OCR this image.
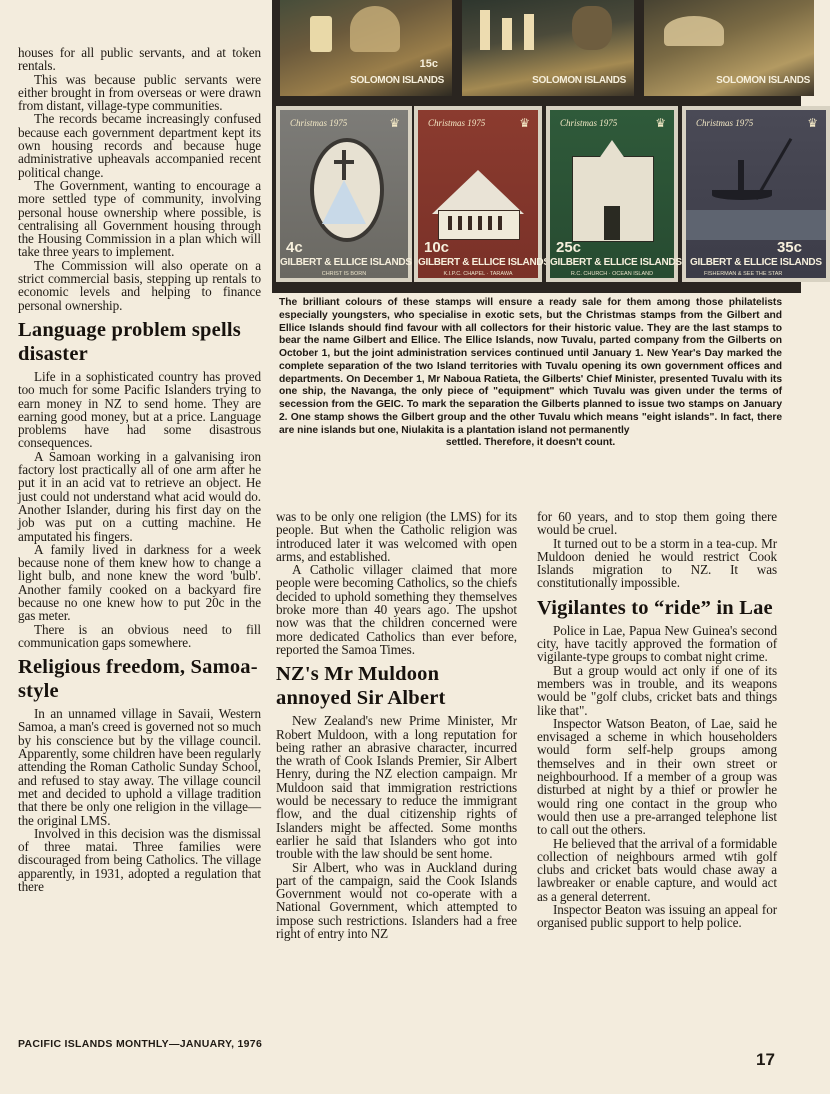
15c
SOLOMON ISLANDS	SOLOMON ISLANDS	SOLOMON ISLANDS
Christmas 1975	♛
4c
GILBERT & ELLICE ISLANDS
CHRIST IS BORN
Christmas 1975	♛
10c
GILBERT & ELLICE ISLANDS
K.I.P.C. CHAPEL · TARAWA
Christmas 1975	♛
25c
GILBERT & ELLICE ISLANDS
R.C. CHURCH · OCEAN ISLAND
Christmas 1975	♛
35c
GILBERT & ELLICE ISLANDS
FISHERMAN & SEE THE STAR
The brilliant colours of these stamps will ensure a ready sale for them among those philatelists especially youngsters, who specialise in exotic sets, but the Christmas stamps from the Gilbert and Ellice Islands should find favour with all collectors for their historic value. They are the last stamps to bear the name Gilbert and Ellice. The Ellice Islands, now Tuvalu, parted company from the Gilberts on October 1, but the joint administration services continued until January 1. New Year's Day marked the complete separation of the two Island territories with Tuvalu opening its own government offices and departments. On December 1, Mr Naboua Ratieta, the Gilberts' Chief Minister, presented Tuvalu with its one ship, the Navanga, the only piece of "equipment" which Tuvalu was given under the terms of secession from the GEIC. To mark the separation the Gilberts planned to issue two stamps on January 2. One stamp shows the Gilbert group and the other Tuvalu which means "eight islands". In fact, there are nine islands but one, Niulakita is a plantation island not permanently
settled. Therefore, it doesn't count.

houses for all public servants, and at token rentals.

This was because public servants were either brought in from overseas or were drawn from distant, village-type communities.

The records became increasingly confused because each government department kept its own housing records and because huge administrative upheavals accompanied recent political change.

The Government, wanting to encourage a more settled type of community, involving personal house ownership where possible, is centralising all Government housing through the Housing Commission in a plan which will take three years to implement.

The Commission will also operate on a strict commercial basis, stepping up rentals to economic levels and helping to finance personal ownership.

Language problem spells disaster

Life in a sophisticated country has proved too much for some Pacific Islanders trying to earn money in NZ to send home. They are earning good money, but at a price. Language problems have had some disastrous consequences.

A Samoan working in a galvanising iron factory lost practically all of one arm after he put it in an acid vat to retrieve an object. He just could not understand what acid would do. Another Islander, during his first day on the job was put on a cutting machine. He amputated his fingers.

A family lived in darkness for a week because none of them knew how to change a light bulb, and none knew the word 'bulb'. Another family cooked on a backyard fire because no one knew how to put 20c in the gas meter.

There is an obvious need to fill communication gaps somewhere.

Religious freedom, Samoa-style

In an unnamed village in Savaii, Western Samoa, a man's creed is governed not so much by his conscience but by the village council. Apparently, some children have been regularly attending the Roman Catholic Sunday School, and refused to stay away. The village council met and decided to uphold a village tradition that there be only one religion in the village—the original LMS.

Involved in this decision was the dismissal of three matai. Three families were discouraged from being Catholics. The village apparently, in 1931, adopted a regulation that there

was to be only one religion (the LMS) for its people. But when the Catholic religion was introduced later it was welcomed with open arms, and established.

A Catholic villager claimed that more people were becoming Catholics, so the chiefs decided to uphold something they themselves broke more than 40 years ago. The upshot now was that the children concerned were more dedicated Catholics than ever before, reported the Samoa Times.

NZ's Mr Muldoon annoyed Sir Albert

New Zealand's new Prime Minister, Mr Robert Muldoon, with a long reputation for being rather an abrasive character, incurred the wrath of Cook Islands Premier, Sir Albert Henry, during the NZ election campaign. Mr Muldoon said that immigration restrictions would be necessary to reduce the immigrant flow, and the dual citizenship rights of Islanders might be affected. Some months earlier he said that Islanders who got into trouble with the law should be sent home.

Sir Albert, who was in Auckland during part of the campaign, said the Cook Islands Government would not co-operate with a National Government, which attempted to impose such restrictions. Islanders had a free right of entry into NZ

for 60 years, and to stop them going there would be cruel.

It turned out to be a storm in a tea-cup. Mr Muldoon denied he would restrict Cook Islands migration to NZ. It was constitutionally impossible.

Vigilantes to “ride” in Lae

Police in Lae, Papua New Guinea's second city, have tacitly approved the formation of vigilante-type groups to combat night crime.

But a group would act only if one of its members was in trouble, and its weapons would be "golf clubs, cricket bats and things like that".

Inspector Watson Beaton, of Lae, said he envisaged a scheme in which householders would form self-help groups among themselves and in their own street or neighbourhood. If a member of a group was disturbed at night by a thief or prowler he would ring one contact in the group who would then use a pre-arranged telephone list to call out the others.

He believed that the arrival of a formidable collection of neighbours armed wtih golf clubs and cricket bats would chase away a lawbreaker or enable capture, and would act as a general deterrent.

Inspector Beaton was issuing an appeal for organised public support to help police.

PACIFIC ISLANDS MONTHLY—JANUARY, 1976
17
